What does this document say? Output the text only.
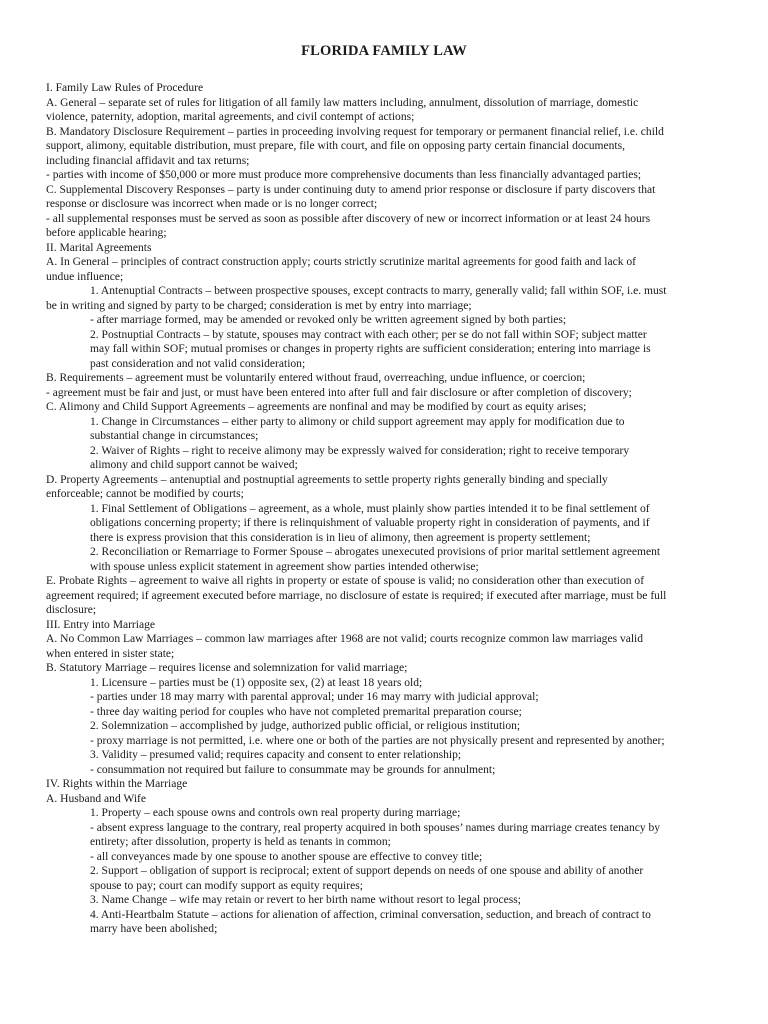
FLORIDA FAMILY LAW
I. Family Law Rules of Procedure
A. General – separate set of rules for litigation of all family law matters including, annulment, dissolution of marriage, domestic
violence, paternity, adoption, marital agreements, and civil contempt of actions;
B. Mandatory Disclosure Requirement – parties in proceeding involving request for temporary or permanent financial relief, i.e. child
support, alimony, equitable distribution, must prepare, file with court, and file on opposing party certain financial documents,
including financial affidavit and tax returns;
- parties with income of $50,000 or more must produce more comprehensive documents than less financially advantaged parties;
C. Supplemental Discovery Responses – party is under continuing duty to amend prior response or disclosure if party discovers that
response or disclosure was incorrect when made or is no longer correct;
- all supplemental responses must be served as soon as possible after discovery of new or incorrect information or at least 24 hours
before applicable hearing;
II. Marital Agreements
A. In General – principles of contract construction apply; courts strictly scrutinize marital agreements for good faith and lack of
undue influence;
1. Antenuptial Contracts – between prospective spouses, except contracts to marry, generally valid; fall within SOF, i.e. must
be in writing and signed by party to be charged; consideration is met by entry into marriage;
- after marriage formed, may be amended or revoked only be written agreement signed by both parties;
2. Postnuptial Contracts – by statute, spouses may contract with each other; per se do not fall within SOF; subject matter
may fall within SOF; mutual promises or changes in property rights are sufficient consideration; entering into marriage is
past consideration and not valid consideration;
B. Requirements – agreement must be voluntarily entered without fraud, overreaching, undue influence, or coercion;
- agreement must be fair and just, or must have been entered into after full and fair disclosure or after completion of discovery;
C. Alimony and Child Support Agreements – agreements are nonfinal and may be modified by court as equity arises;
1. Change in Circumstances – either party to alimony or child support agreement may apply for modification due to
substantial change in circumstances;
2. Waiver of Rights – right to receive alimony may be expressly waived for consideration; right to receive temporary
alimony and child support cannot be waived;
D. Property Agreements – antenuptial and postnuptial agreements to settle property rights generally binding and specially
enforceable; cannot be modified by courts;
1. Final Settlement of Obligations – agreement, as a whole, must plainly show parties intended it to be final settlement of
obligations concerning property; if there is relinquishment of valuable property right in consideration of payments, and if
there is express provision that this consideration is in lieu of alimony, then agreement is property settlement;
2. Reconciliation or Remarriage to Former Spouse – abrogates unexecuted provisions of prior marital settlement agreement
with spouse unless explicit statement in agreement show parties intended otherwise;
E. Probate Rights – agreement to waive all rights in property or estate of spouse is valid; no consideration other than execution of
agreement required; if agreement executed before marriage, no disclosure of estate is required; if executed after marriage, must be full
disclosure;
III. Entry into Marriage
A. No Common Law Marriages – common law marriages after 1968 are not valid; courts recognize common law marriages valid
when entered in sister state;
B. Statutory Marriage – requires license and solemnization for valid marriage;
1. Licensure – parties must be (1) opposite sex, (2) at least 18 years old;
- parties under 18 may marry with parental approval; under 16 may marry with judicial approval;
- three day waiting period for couples who have not completed premarital preparation course;
2. Solemnization – accomplished by judge, authorized public official, or religious institution;
- proxy marriage is not permitted, i.e. where one or both of the parties are not physically present and represented by another;
3. Validity – presumed valid; requires capacity and consent to enter relationship;
- consummation not required but failure to consummate may be grounds for annulment;
IV. Rights within the Marriage
A. Husband and Wife
1. Property – each spouse owns and controls own real property during marriage;
- absent express language to the contrary, real property acquired in both spouses’ names during marriage creates tenancy by
entirety; after dissolution, property is held as tenants in common;
- all conveyances made by one spouse to another spouse are effective to convey title;
2. Support – obligation of support is reciprocal; extent of support depends on needs of one spouse and ability of another
spouse to pay; court can modify support as equity requires;
3. Name Change – wife may retain or revert to her birth name without resort to legal process;
4. Anti-Heartbalm Statute – actions for alienation of affection, criminal conversation, seduction, and breach of contract to
marry have been abolished;
